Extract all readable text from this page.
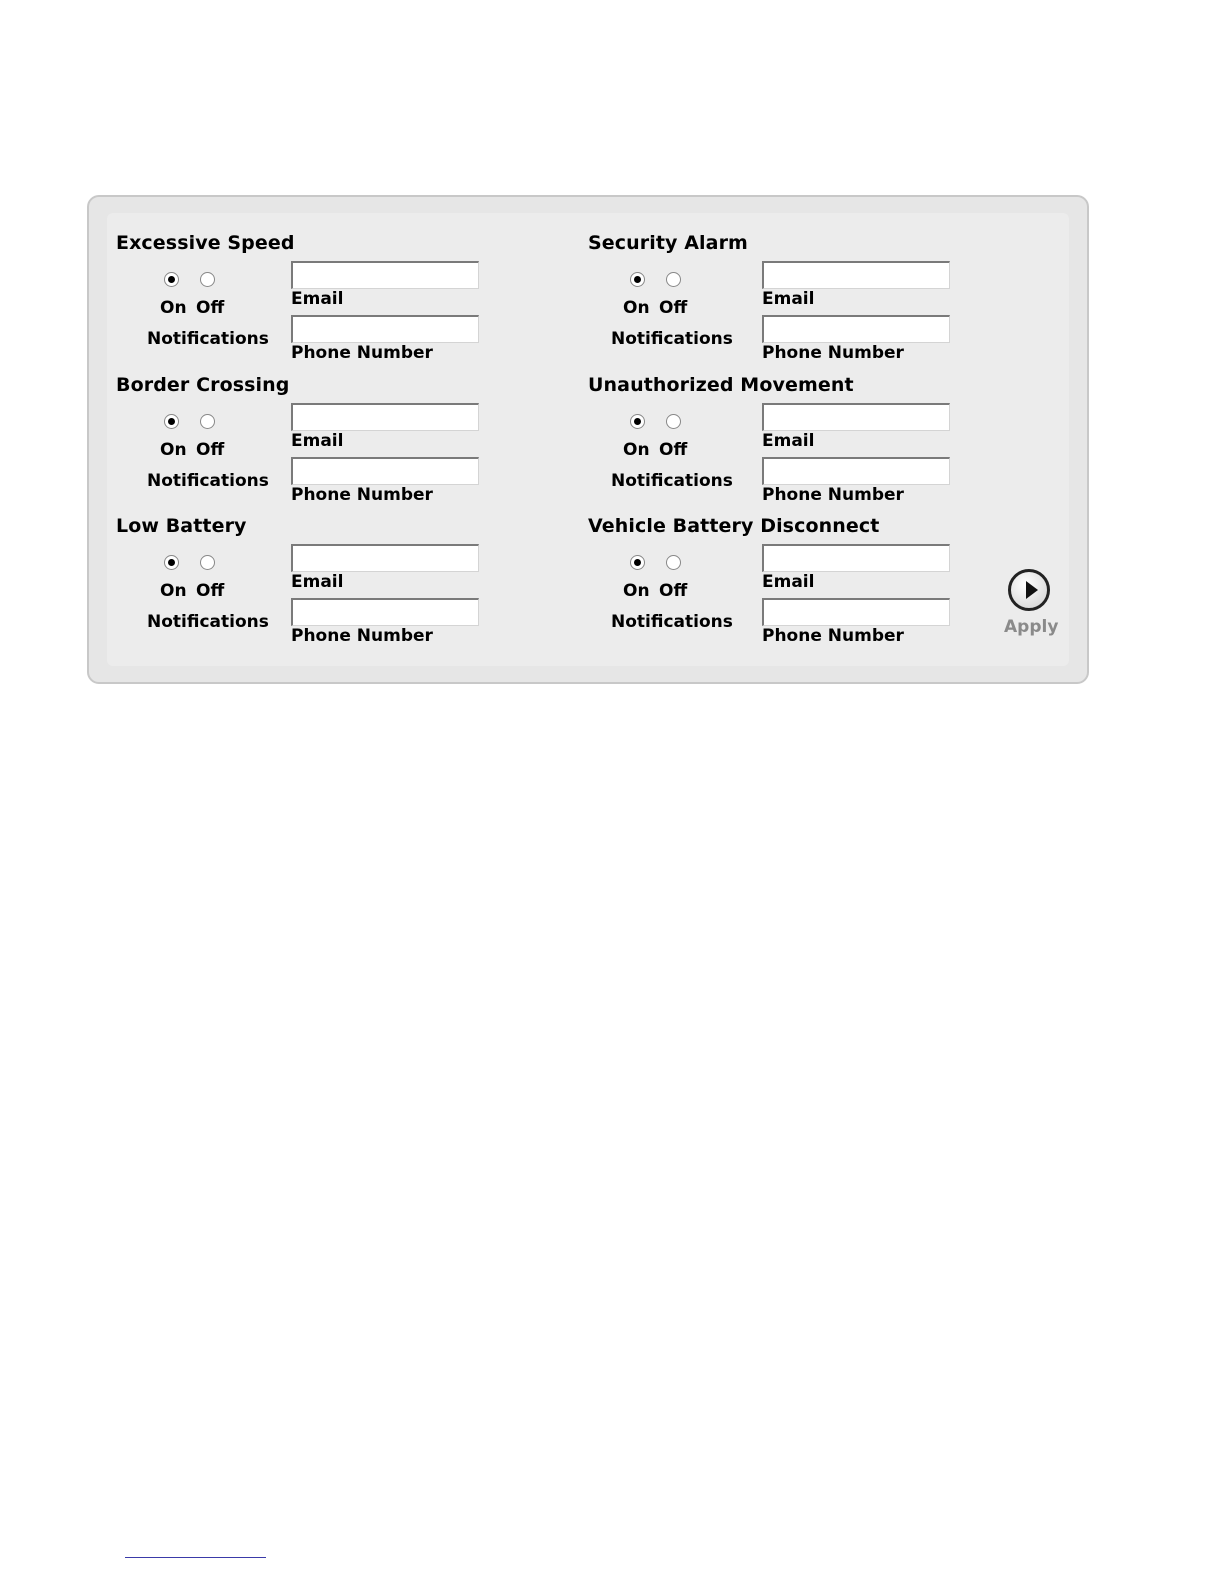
Excessive Speed
On Off
Notifications
Email
Phone Number
Border Crossing
On Off
Notifications
Email
Phone Number
Low Battery
On Off
Notifications
Email
Phone Number
Security Alarm
On Off
Notifications
Email
Phone Number
Unauthorized Movement
On Off
Notifications
Email
Phone Number
Vehicle Battery Disconnect
On Off
Notifications
Email
Phone Number	Apply
